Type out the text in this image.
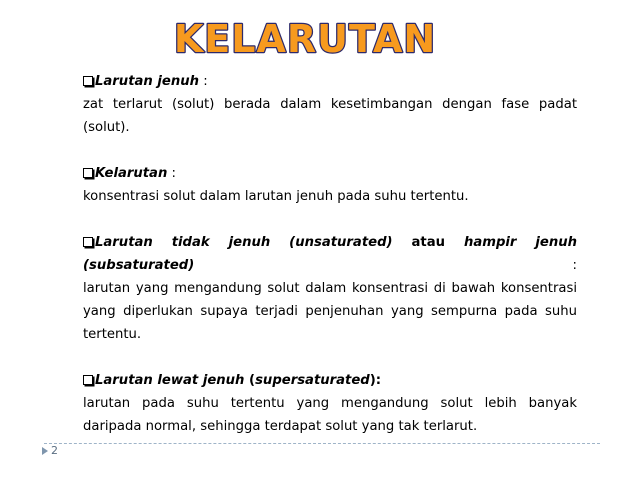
KELARUTAN
Larutan jenuh :
zat terlarut (solut) berada dalam kesetimbangan dengan fase padat (solut).
Kelarutan :
konsentrasi solut dalam larutan jenuh pada suhu tertentu.
Larutan tidak jenuh (unsaturated) atau hampir jenuh (subsaturated) :
larutan yang mengandung solut dalam konsentrasi di bawah konsentrasi yang diperlukan supaya terjadi penjenuhan yang sempurna pada suhu tertentu.
Larutan lewat jenuh (supersaturated):
larutan pada suhu tertentu yang mengandung solut lebih banyak daripada normal, sehingga terdapat solut yang tak terlarut.
2
